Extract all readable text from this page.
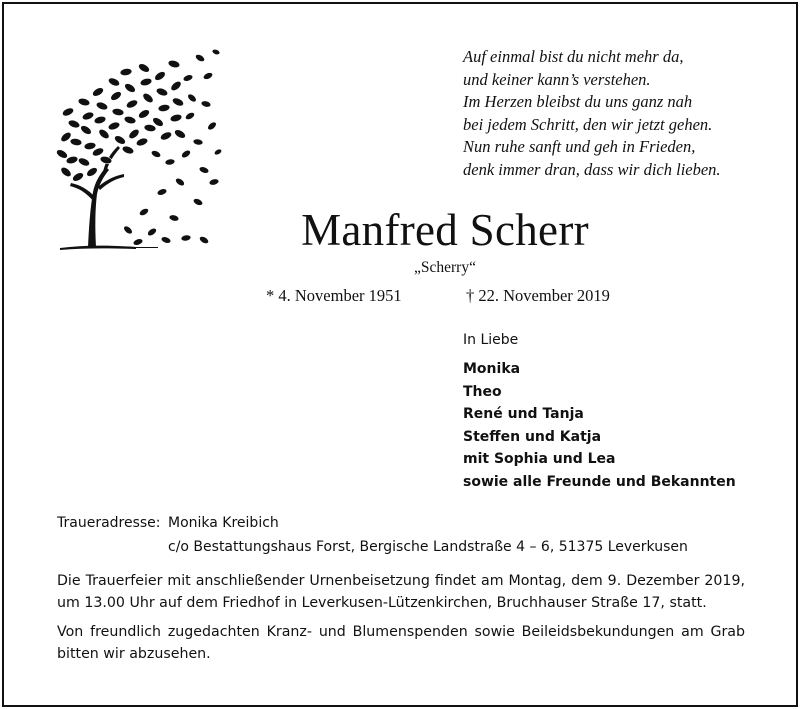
Auf einmal bist du nicht mehr da,
und keiner kann’s verstehen.
Im Herzen bleibst du uns ganz nah
bei jedem Schritt, den wir jetzt gehen.
Nun ruhe sanft und geh in Frieden,
denk immer dran, dass wir dich lieben.
Manfred Scherr
„Scherry“
* 4. November 1951	† 22. November 2019
In Liebe
Monika
Theo
René und Tanja
Steffen und Katja
mit Sophia und Lea
sowie alle Freunde und Bekannten
Traueradresse: Monika Kreibich
c/o Bestattungshaus Forst, Bergische Landstraße 4 – 6, 51375 Leverkusen
Die Trauerfeier mit anschließender Urnenbeisetzung findet am Montag, dem 9. Dezember 2019, um 13.00 Uhr auf dem Friedhof in Leverkusen-Lützenkirchen, Bruchhauser Straße 17, statt.
Von freundlich zugedachten Kranz- und Blumenspenden sowie Beileidsbekundungen am Grab bitten wir abzusehen.
